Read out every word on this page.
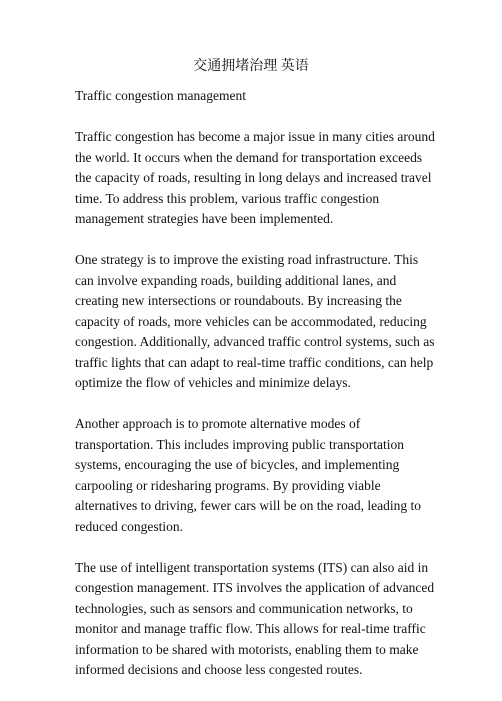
交通拥堵治理 英语

Traffic congestion management

Traffic congestion has become a major issue in many cities around the world. It occurs when the demand for transportation exceeds the capacity of roads, resulting in long delays and increased travel time. To address this problem, various traffic congestion management strategies have been implemented.

One strategy is to improve the existing road infrastructure. This can involve expanding roads, building additional lanes, and creating new intersections or roundabouts. By increasing the capacity of roads, more vehicles can be accommodated, reducing congestion. Additionally, advanced traffic control systems, such as traffic lights that can adapt to real-time traffic conditions, can help optimize the flow of vehicles and minimize delays.

Another approach is to promote alternative modes of transportation. This includes improving public transportation systems, encouraging the use of bicycles, and implementing carpooling or ridesharing programs. By providing viable alternatives to driving, fewer cars will be on the road, leading to reduced congestion.

The use of intelligent transportation systems (ITS) can also aid in congestion management. ITS involves the application of advanced technologies, such as sensors and communication networks, to monitor and manage traffic flow. This allows for real-time traffic information to be shared with motorists, enabling them to make informed decisions and choose less congested routes.
